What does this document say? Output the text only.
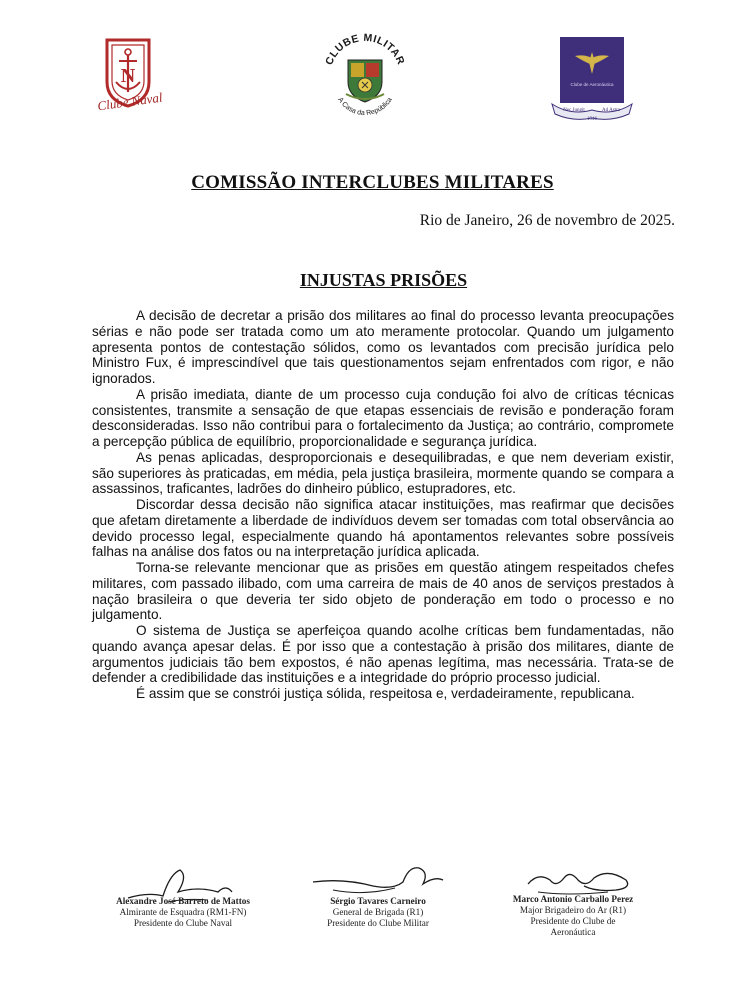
N
Clube Naval
CLUBE MILITAR
A Casa da República
Clube de Aeronáutica
Nec Jungit	Ad Astra
1946
COMISSÃO INTERCLUBES MILITARES
Rio de Janeiro, 26 de novembro de 2025.
INJUSTAS PRISÕES

A decisão de decretar a prisão dos militares ao final do processo levanta preocupações sérias e não pode ser tratada como um ato meramente protocolar. Quando um julgamento apresenta pontos de contestação sólidos, como os levantados com precisão jurídica pelo Ministro Fux, é imprescindível que tais questionamentos sejam enfrentados com rigor, e não ignorados.

A prisão imediata, diante de um processo cuja condução foi alvo de críticas técnicas consistentes, transmite a sensação de que etapas essenciais de revisão e ponderação foram desconsideradas. Isso não contribui para o fortalecimento da Justiça; ao contrário, compromete a percepção pública de equilíbrio, proporcionalidade e segurança jurídica.

As penas aplicadas, desproporcionais e desequilibradas, e que nem deveriam existir, são superiores às praticadas, em média, pela justiça brasileira, mormente quando se compara a assassinos, traficantes, ladrões do dinheiro público, estupradores, etc.

Discordar dessa decisão não significa atacar instituições, mas reafirmar que decisões que afetam diretamente a liberdade de indivíduos devem ser tomadas com total observância ao devido processo legal, especialmente quando há apontamentos relevantes sobre possíveis falhas na análise dos fatos ou na interpretação jurídica aplicada.

Torna-se relevante mencionar que as prisões em questão atingem respeitados chefes militares, com passado ilibado, com uma carreira de mais de 40 anos de serviços prestados à nação brasileira o que deveria ter sido objeto de ponderação em todo o processo e no julgamento.

O sistema de Justiça se aperfeiçoa quando acolhe críticas bem fundamentadas, não quando avança apesar delas. É por isso que a contestação à prisão dos militares, diante de argumentos judiciais tão bem expostos, é não apenas legítima, mas necessária. Trata-se de defender a credibilidade das instituições e a integridade do próprio processo judicial.

É assim que se constrói justiça sólida, respeitosa e, verdadeiramente, republicana.

Alexandre José Barreto de Mattos
Almirante de Esquadra (RM1-FN)
Presidente do Clube Naval
Sérgio Tavares Carneiro
General de Brigada (R1)
Presidente do Clube Militar
Marco Antonio Carballo Perez
Major Brigadeiro do Ar (R1)
Presidente do Clube de
Aeronáutica
